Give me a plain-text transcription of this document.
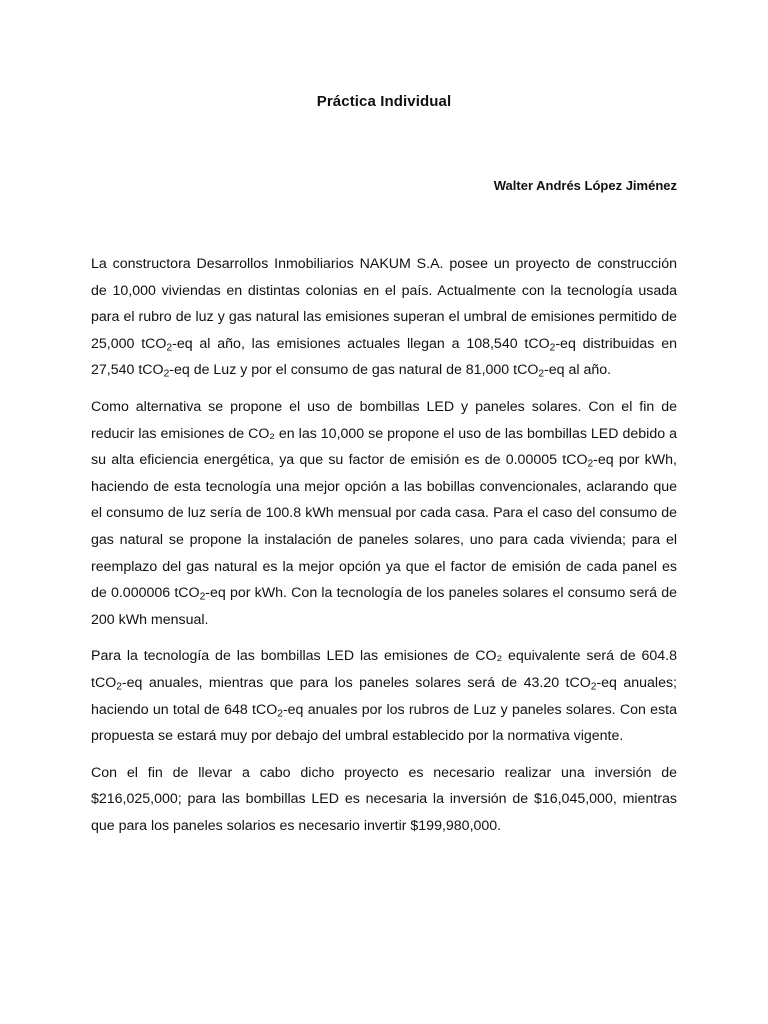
Práctica Individual

Walter Andrés López Jiménez

La constructora Desarrollos Inmobiliarios NAKUM S.A. posee un proyecto de construcción de 10,000 viviendas en distintas colonias en el país. Actualmente con la tecnología usada para el rubro de luz y gas natural las emisiones superan el umbral de emisiones permitido de 25,000 tCO$_2$-eq al año, las emisiones actuales llegan a 108,540 tCO$_2$-eq distribuidas en 27,540 tCO$_2$-eq de Luz y por el consumo de gas natural de 81,000 tCO$_2$-eq al año.

Como alternativa se propone el uso de bombillas LED y paneles solares. Con el fin de reducir las emisiones de CO₂ en las 10,000 se propone el uso de las bombillas LED debido a su alta eficiencia energética, ya que su factor de emisión es de 0.00005 tCO$_2$-eq por kWh, haciendo de esta tecnología una mejor opción a las bobillas convencionales, aclarando que el consumo de luz sería de 100.8 kWh mensual por cada casa. Para el caso del consumo de gas natural se propone la instalación de paneles solares, uno para cada vivienda; para el reemplazo del gas natural es la mejor opción ya que el factor de emisión de cada panel es de 0.000006 tCO$_2$-eq por kWh. Con la tecnología de los paneles solares el consumo será de 200 kWh mensual.

Para la tecnología de las bombillas LED las emisiones de CO₂ equivalente será de 604.8 tCO$_2$-eq anuales, mientras que para los paneles solares será de 43.20 tCO$_2$-eq anuales; haciendo un total de 648 tCO$_2$-eq anuales por los rubros de Luz y paneles solares. Con esta propuesta se estará muy por debajo del umbral establecido por la normativa vigente.

Con el fin de llevar a cabo dicho proyecto es necesario realizar una inversión de $216,025,000; para las bombillas LED es necesaria la inversión de $16,045,000, mientras que para los paneles solarios es necesario invertir $199,980,000.
